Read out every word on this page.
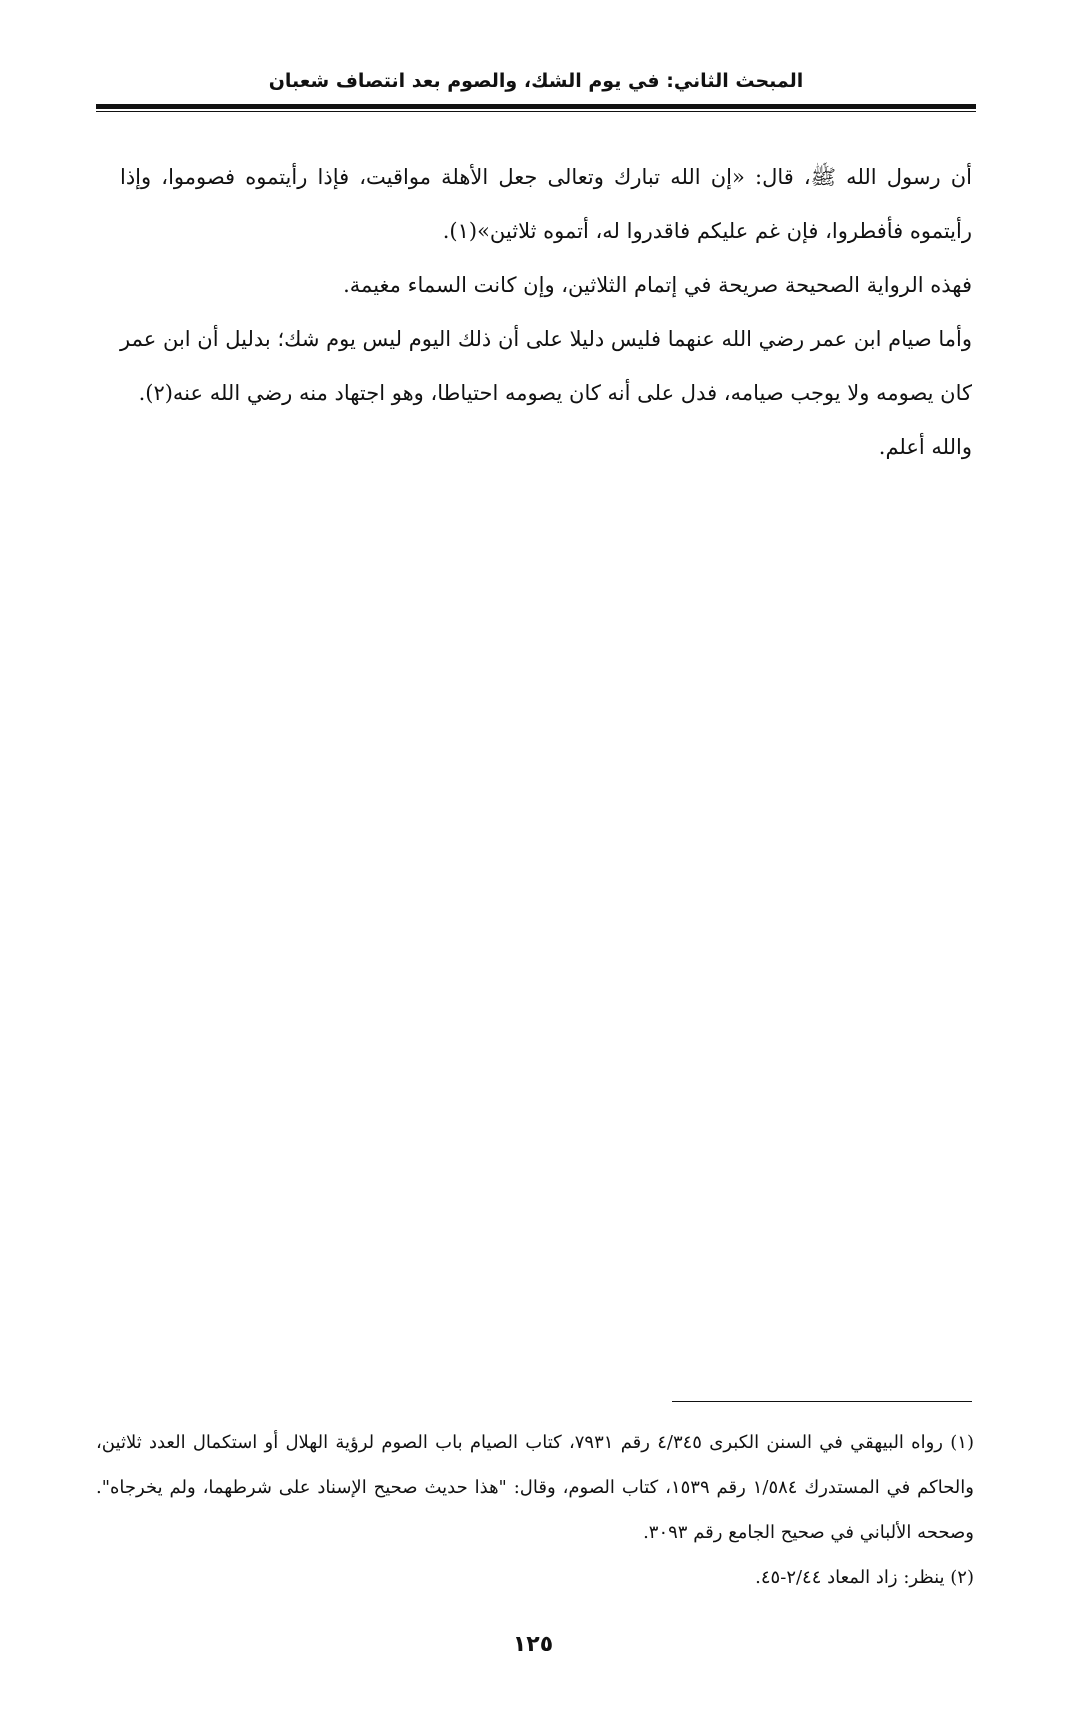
المبحث الثاني: في يوم الشك، والصوم بعد انتصاف شعبان

أن رسول الله ﷺ، قال: «إن الله تبارك وتعالى جعل الأهلة مواقيت، فإذا رأيتموه فصوموا، وإذا رأيتموه فأفطروا، فإن غم عليكم فاقدروا له، أتموه ثلاثين»(١).

فهذه الرواية الصحيحة صريحة في إتمام الثلاثين، وإن كانت السماء مغيمة.

وأما صيام ابن عمر رضي الله عنهما فليس دليلا على أن ذلك اليوم ليس يوم شك؛ بدليل أن ابن عمر كان يصومه ولا يوجب صيامه، فدل على أنه كان يصومه احتياطا، وهو اجتهاد منه رضي الله عنه(٢).

والله أعلم.

(١) رواه البيهقي في السنن الكبرى ٤/٣٤٥ رقم ٧٩٣١، كتاب الصيام باب الصوم لرؤية الهلال أو استكمال العدد ثلاثين، والحاكم في المستدرك ١/٥٨٤ رقم ١٥٣٩، كتاب الصوم، وقال: "هذا حديث صحيح الإسناد على شرطهما، ولم يخرجاه". وصححه الألباني في صحيح الجامع رقم ٣٠٩٣.

(٢) ينظر: زاد المعاد ٢/٤٤-٤٥.

١٢٥
